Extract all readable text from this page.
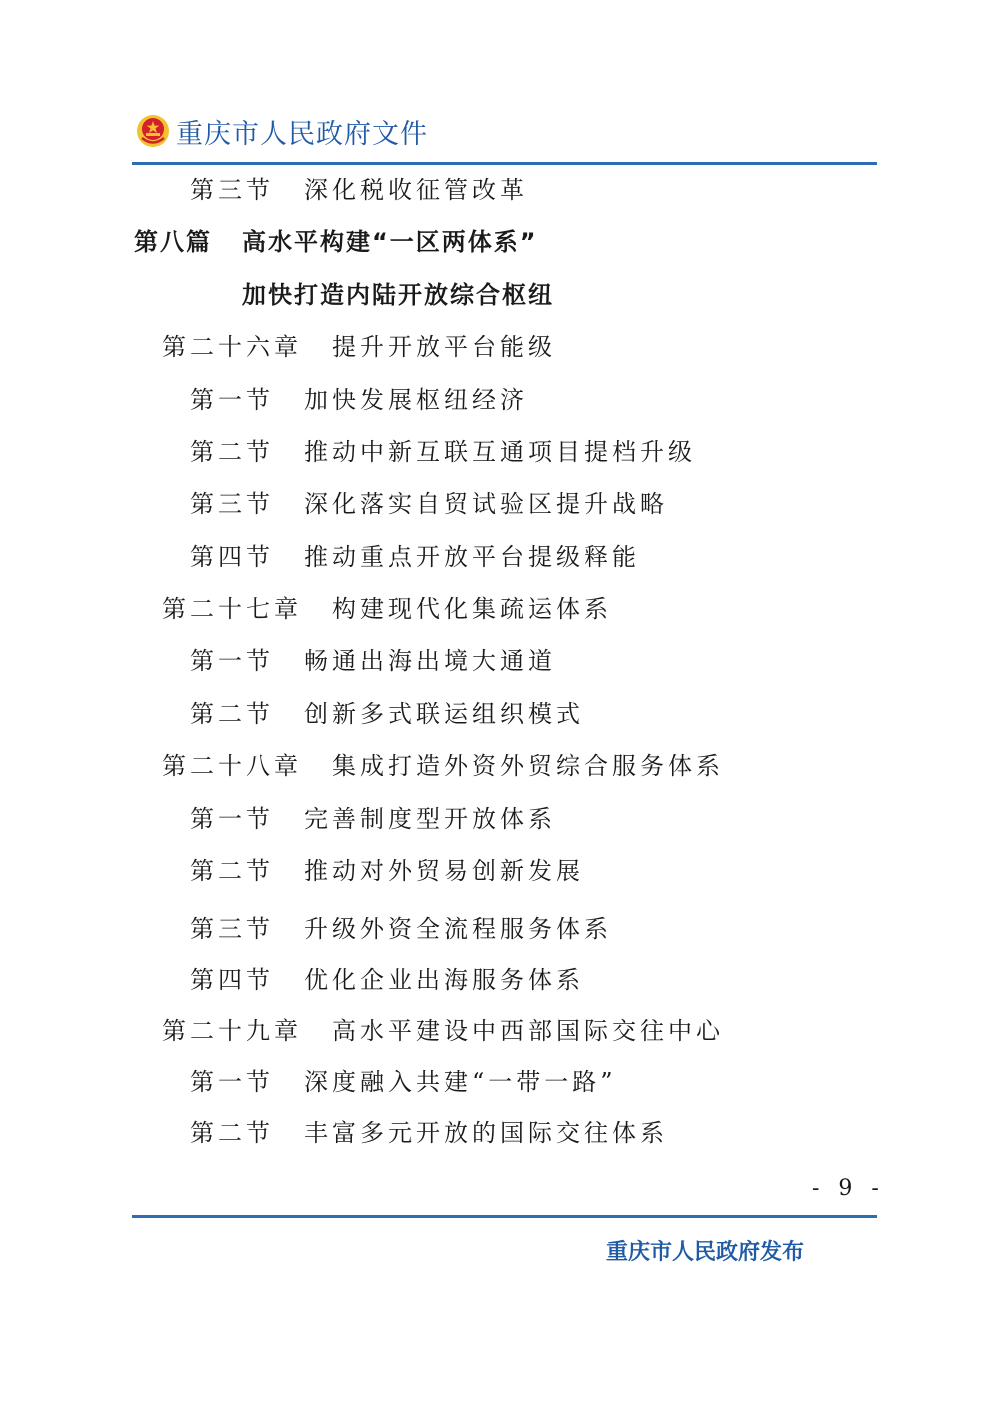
重庆市人民政府文件
第三节 深化税收征管改革
第八篇 高水平构建“一区两体系”
加快打造内陆开放综合枢纽
第二十六章 提升开放平台能级
第一节 加快发展枢纽经济
第二节 推动中新互联互通项目提档升级
第三节 深化落实自贸试验区提升战略
第四节 推动重点开放平台提级释能
第二十七章 构建现代化集疏运体系
第一节 畅通出海出境大通道
第二节 创新多式联运组织模式
第二十八章 集成打造外资外贸综合服务体系
第一节 完善制度型开放体系
第二节 推动对外贸易创新发展
第三节 升级外资全流程服务体系
第四节 优化企业出海服务体系
第二十九章 高水平建设中西部国际交往中心
第一节 深度融入共建“一带一路”
第二节 丰富多元开放的国际交往体系
- 9 -
重庆市人民政府发布
